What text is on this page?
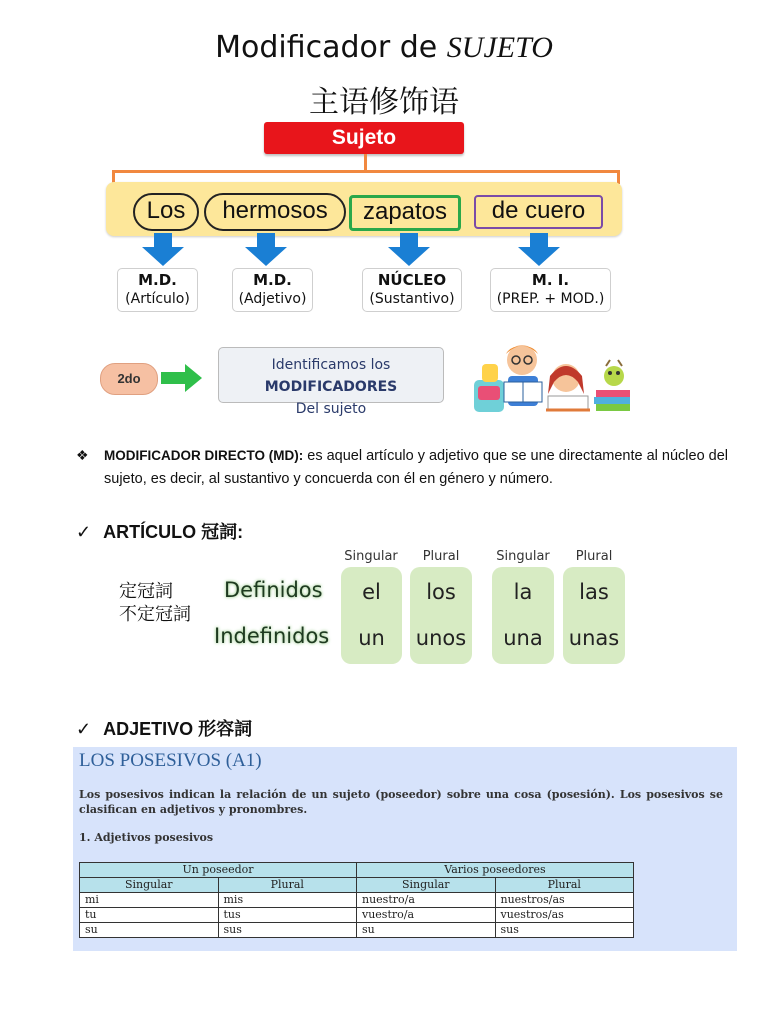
Modificador de SUJETO
主语修饰语
Sujeto
Los	hermosos	zapatos	de cuero
M.D.
(Artículo)
M.D.
(Adjetivo)
NÚCLEO
(Sustantivo)
M. I.
(PREP. + MOD.)
2do
Identificamos los MODIFICADORES
Del sujeto
❖ MODIFICADOR DIRECTO (MD): es aquel artículo y adjetivo que se une directamente al núcleo del sujeto, es decir, al sustantivo y concuerda con él en género y número.
✓ ARTÍCULO 冠詞:
Singular	Plural	Singular	Plural
el	los	la	las
un	unos	una	unas
Definidos
Indefinidos
定冠詞
不定冠詞
✓ ADJETIVO 形容詞
LOS POSESIVOS (A1)
Los posesivos indican la relación de un sujeto (poseedor) sobre una cosa (posesión). Los posesivos se clasifican en adjetivos y pronombres.
1. Adjetivos posesivos
Un poseedor		Varios poseedores	
Singular	Plural	Singular	Plural
mi	mis	nuestro/a	nuestros/as
tu	tus	vuestro/a	vuestros/as
su	sus	su	sus
